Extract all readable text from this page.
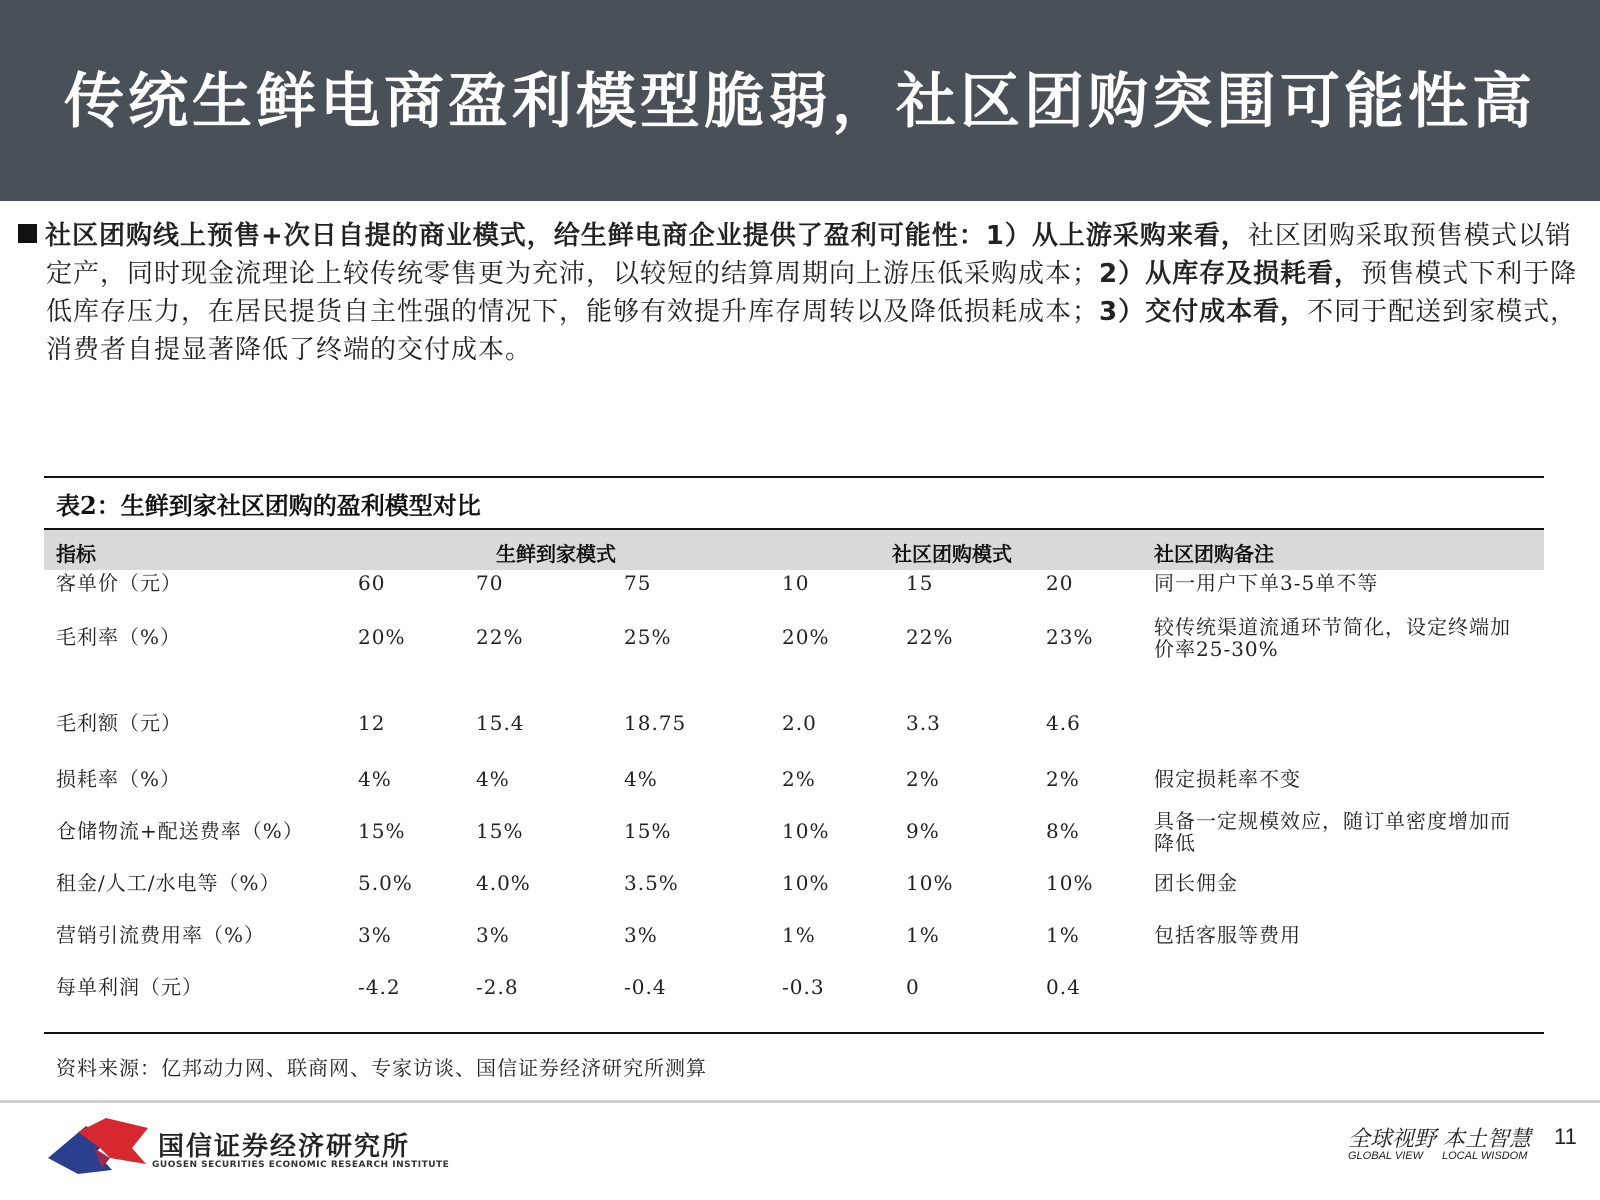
传统生鲜电商盈利模型脆弱，社区团购突围可能性高
社区团购线上预售+次日自提的商业模式，给生鲜电商企业提供了盈利可能性：1）从上游采购来看，社区团购采取预售模式以销定产，同时现金流理论上较传统零售更为充沛，以较短的结算周期向上游压低采购成本；2）从库存及损耗看，预售模式下利于降低库存压力，在居民提货自主性强的情况下，能够有效提升库存周转以及降低损耗成本；3）交付成本看，不同于配送到家模式，消费者自提显著降低了终端的交付成本。
表2：生鲜到家社区团购的盈利模型对比
指标	生鲜到家模式	社区团购模式	社区团购备注
客单价（元）	60	70	75	10	15	20	同一用户下单3-5单不等
毛利率（%）	20%	22%	25%	20%	22%	23%	较传统渠道流通环节简化，设定终端加价率25-30%
毛利额（元）	12	15.4	18.75	2.0	3.3	4.6
损耗率（%）	4%	4%	4%	2%	2%	2%	假定损耗率不变
仓储物流+配送费率（%）	15%	15%	15%	10%	9%	8%	具备一定规模效应，随订单密度增加而降低
租金/人工/水电等（%）	5.0%	4.0%	3.5%	10%	10%	10%	团长佣金
营销引流费用率（%）	3%	3%	3%	1%	1%	1%	包括客服等费用
每单利润（元）	-4.2	-2.8	-0.4	-0.3	0	0.4
资料来源：亿邦动力网、联商网、专家访谈、国信证券经济研究所测算
国信证券经济研究所
GUOSEN SECURITIES ECONOMIC RESEARCH INSTITUTE
全球视野 本土智慧
GLOBAL VIEW LOCAL WISDOM
11
